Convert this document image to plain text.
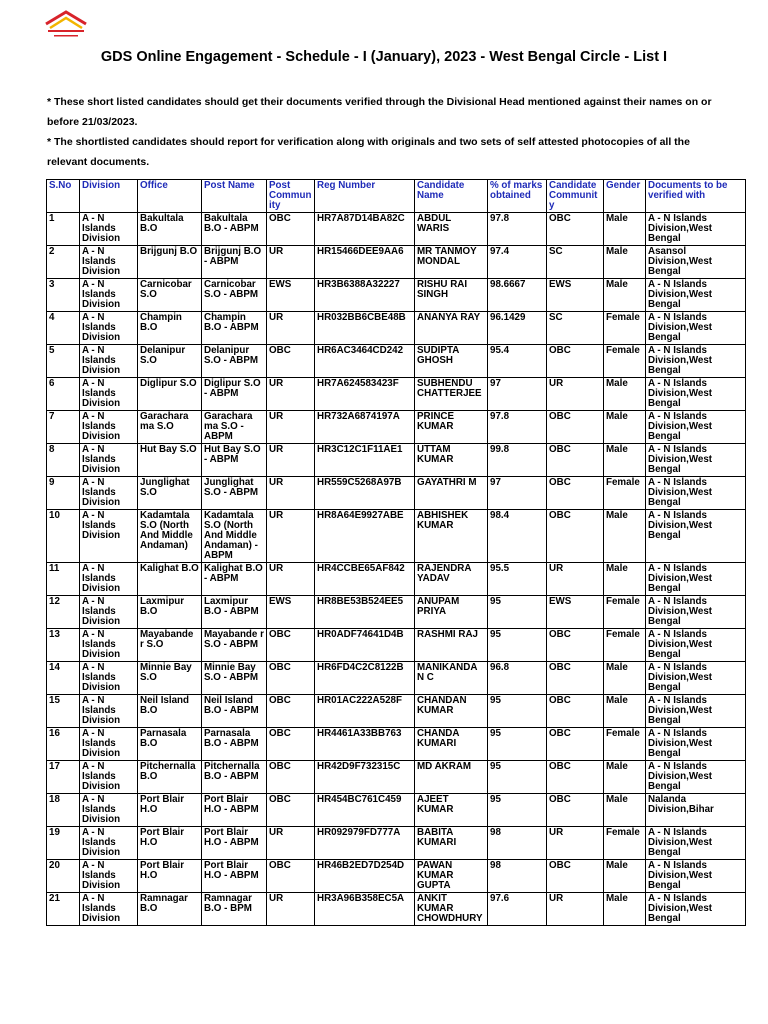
GDS Online Engagement - Schedule - I (January), 2023 - West Bengal Circle - List I

* These short listed candidates should get their documents verified through the Divisional Head mentioned against their names on or before 21/03/2023.

* The shortlisted candidates should report for verification along with originals and two sets of self attested photocopies of all the relevant documents.

S.No	Division	Office	Post Name	Post Community	Reg Number	Candidate Name	% of marks obtained	Candidate Community	Gender	Documents to be verified with
1	A - N Islands Division	Bakultala B.O	Bakultala B.O - ABPM	OBC	HR7A87D14BA82C	ABDUL WARIS	97.8	OBC	Male	A - N Islands Division,West Bengal
2	A - N Islands Division	Brijgunj B.O	Brijgunj B.O - ABPM	UR	HR15466DEE9AA6	MR TANMOY MONDAL	97.4	SC	Male	Asansol Division,West Bengal
3	A - N Islands Division	Carnicobar S.O	Carnicobar S.O - ABPM	EWS	HR3B6388A32227	RISHU RAI SINGH	98.6667	EWS	Male	A - N Islands Division,West Bengal
4	A - N Islands Division	Champin B.O	Champin B.O - ABPM	UR	HR032BB6CBE48B	ANANYA RAY	96.1429	SC	Female	A - N Islands Division,West Bengal
5	A - N Islands Division	Delanipur S.O	Delanipur S.O - ABPM	OBC	HR6AC3464CD242	SUDIPTA GHOSH	95.4	OBC	Female	A - N Islands Division,West Bengal
6	A - N Islands Division	Diglipur S.O	Diglipur S.O - ABPM	UR	HR7A624583423F	SUBHENDU CHATTERJEE	97	UR	Male	A - N Islands Division,West Bengal
7	A - N Islands Division	Garachara ma S.O	Garachara ma S.O - ABPM	UR	HR732A6874197A	PRINCE KUMAR	97.8	OBC	Male	A - N Islands Division,West Bengal
8	A - N Islands Division	Hut Bay S.O	Hut Bay S.O - ABPM	UR	HR3C12C1F11AE1	UTTAM KUMAR	99.8	OBC	Male	A - N Islands Division,West Bengal
9	A - N Islands Division	Junglighat S.O	Junglighat S.O - ABPM	UR	HR559C5268A97B	GAYATHRI M	97	OBC	Female	A - N Islands Division,West Bengal
10	A - N Islands Division	Kadamtala S.O (North And Middle Andaman)	Kadamtala S.O (North And Middle Andaman) - ABPM	UR	HR8A64E9927ABE	ABHISHEK KUMAR	98.4	OBC	Male	A - N Islands Division,West Bengal
11	A - N Islands Division	Kalighat B.O	Kalighat B.O - ABPM	UR	HR4CCBE65AF842	RAJENDRA YADAV	95.5	UR	Male	A - N Islands Division,West Bengal
12	A - N Islands Division	Laxmipur B.O	Laxmipur B.O - ABPM	EWS	HR8BE53B524EE5	ANUPAM PRIYA	95	EWS	Female	A - N Islands Division,West Bengal
13	A - N Islands Division	Mayabande r S.O	Mayabande r S.O - ABPM	OBC	HR0ADF74641D4B	RASHMI RAJ	95	OBC	Female	A - N Islands Division,West Bengal
14	A - N Islands Division	Minnie Bay S.O	Minnie Bay S.O - ABPM	OBC	HR6FD4C2C8122B	MANIKANDA N C	96.8	OBC	Male	A - N Islands Division,West Bengal
15	A - N Islands Division	Neil Island B.O	Neil Island B.O - ABPM	OBC	HR01AC222A528F	CHANDAN KUMAR	95	OBC	Male	A - N Islands Division,West Bengal
16	A - N Islands Division	Parnasala B.O	Parnasala B.O - ABPM	OBC	HR4461A33BB763	CHANDA KUMARI	95	OBC	Female	A - N Islands Division,West Bengal
17	A - N Islands Division	Pitchernalla B.O	Pitchernalla B.O - ABPM	OBC	HR42D9F732315C	MD AKRAM	95	OBC	Male	A - N Islands Division,West Bengal
18	A - N Islands Division	Port Blair H.O	Port Blair H.O - ABPM	OBC	HR454BC761C459	AJEET KUMAR	95	OBC	Male	Nalanda Division,Bihar
19	A - N Islands Division	Port Blair H.O	Port Blair H.O - ABPM	UR	HR092979FD777A	BABITA KUMARI	98	UR	Female	A - N Islands Division,West Bengal
20	A - N Islands Division	Port Blair H.O	Port Blair H.O - ABPM	OBC	HR46B2ED7D254D	PAWAN KUMAR GUPTA	98	OBC	Male	A - N Islands Division,West Bengal
21	A - N Islands Division	Ramnagar B.O	Ramnagar B.O - BPM	UR	HR3A96B358EC5A	ANKIT KUMAR CHOWDHURY	97.6	UR	Male	A - N Islands Division,West Bengal
